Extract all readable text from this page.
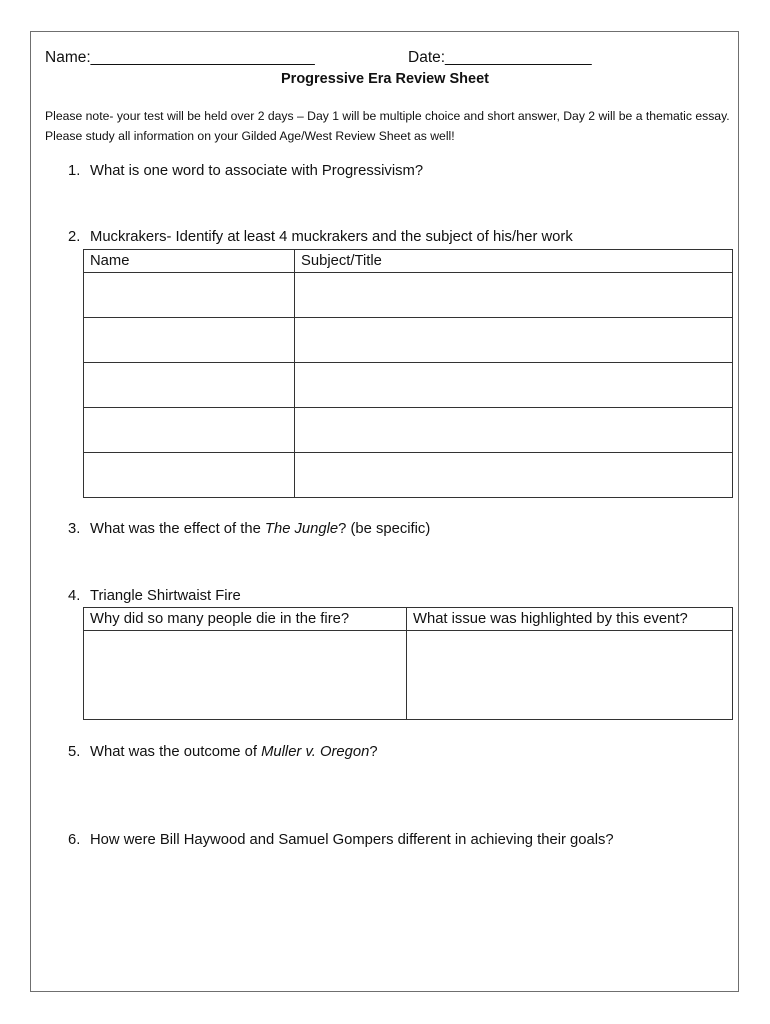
Name:__________________________	Date:_________________
Progressive Era Review Sheet
Please note- your test will be held over 2 days – Day 1 will be multiple choice and short answer, Day 2 will be a thematic essay. Please study all information on your Gilded Age/West Review Sheet as well!
1. What is one word to associate with Progressivism?
2. Muckrakers- Identify at least 4 muckrakers and the subject of his/her work
Name	Subject/Title

3. What was the effect of the The Jungle? (be specific)
4. Triangle Shirtwaist Fire
Why did so many people die in the fire?	What issue was highlighted by this event?

5. What was the outcome of Muller v. Oregon?
6. How were Bill Haywood and Samuel Gompers different in achieving their goals?
